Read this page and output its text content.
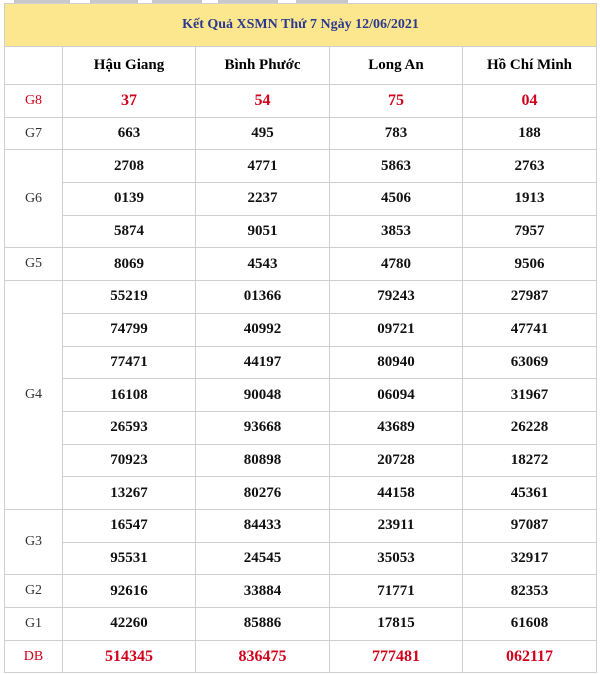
Kết Quả XSMN Thứ 7 Ngày 12/06/2021				
	Hậu Giang	Bình Phước	Long An	Hồ Chí Minh
G8	37	54	75	04
G7	663	495	783	188
G6	2708	4771	5863	2763
	0139	2237	4506	1913
	5874	9051	3853	7957
G5	8069	4543	4780	9506
G4	55219	01366	79243	27987
	74799	40992	09721	47741
	77471	44197	80940	63069
	16108	90048	06094	31967
	26593	93668	43689	26228
	70923	80898	20728	18272
	13267	80276	44158	45361
G3	16547	84433	23911	97087
	95531	24545	35053	32917
G2	92616	33884	71771	82353
G1	42260	85886	17815	61608
DB	514345	836475	777481	062117
